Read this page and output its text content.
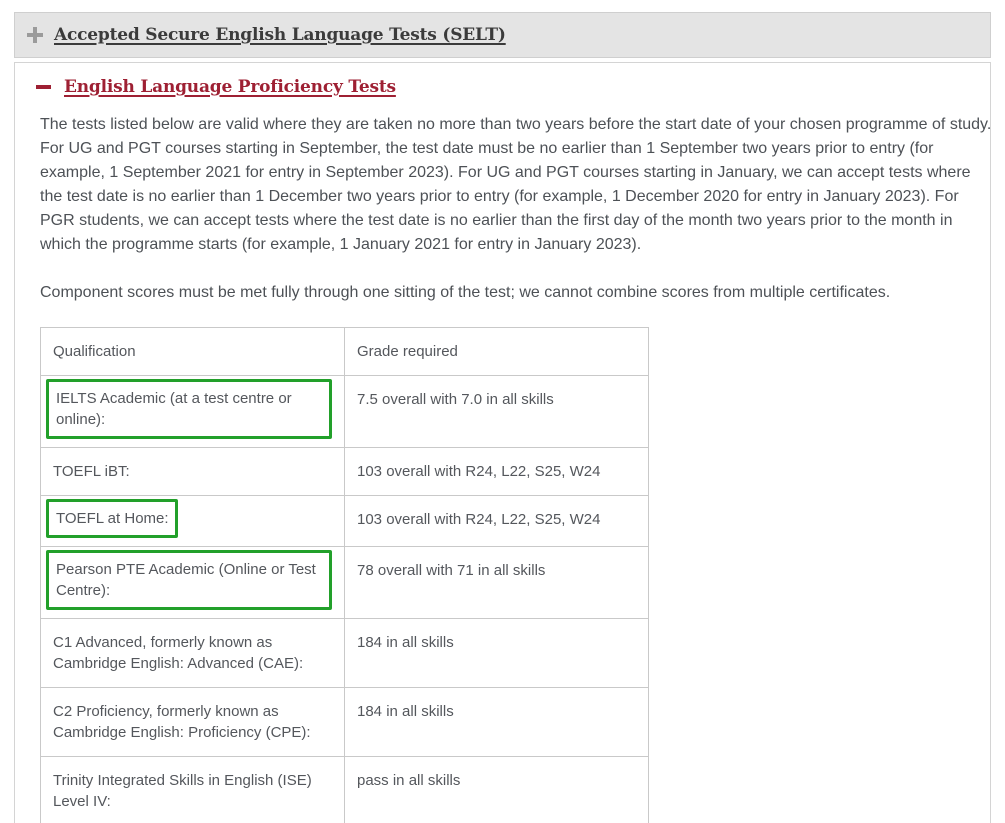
Accepted Secure English Language Tests (SELT)
English Language Proficiency Tests

The tests listed below are valid where they are taken no more than two years before the start date of your chosen programme of study. For UG and PGT courses starting in September, the test date must be no earlier than 1 September two years prior to entry (for example, 1 September 2021 for entry in September 2023). For UG and PGT courses starting in January, we can accept tests where the test date is no earlier than 1 December two years prior to entry (for example, 1 December 2020 for entry in January 2023). For PGR students, we can accept tests where the test date is no earlier than the first day of the month two years prior to the month in which the programme starts (for example, 1 January 2021 for entry in January 2023).

Component scores must be met fully through one sitting of the test; we cannot combine scores from multiple certificates.

Qualification	Grade required
IELTS Academic (at a test centre or online):	7.5 overall with 7.0 in all skills
TOEFL iBT:	103 overall with R24, L22, S25, W24
TOEFL at Home:	103 overall with R24, L22, S25, W24
Pearson PTE Academic (Online or Test Centre):	78 overall with 71 in all skills
C1 Advanced, formerly known as Cambridge English: Advanced (CAE):	184 in all skills
C2 Proficiency, formerly known as Cambridge English: Proficiency (CPE):	184 in all skills
Trinity Integrated Skills in English (ISE) Level IV:	pass in all skills
